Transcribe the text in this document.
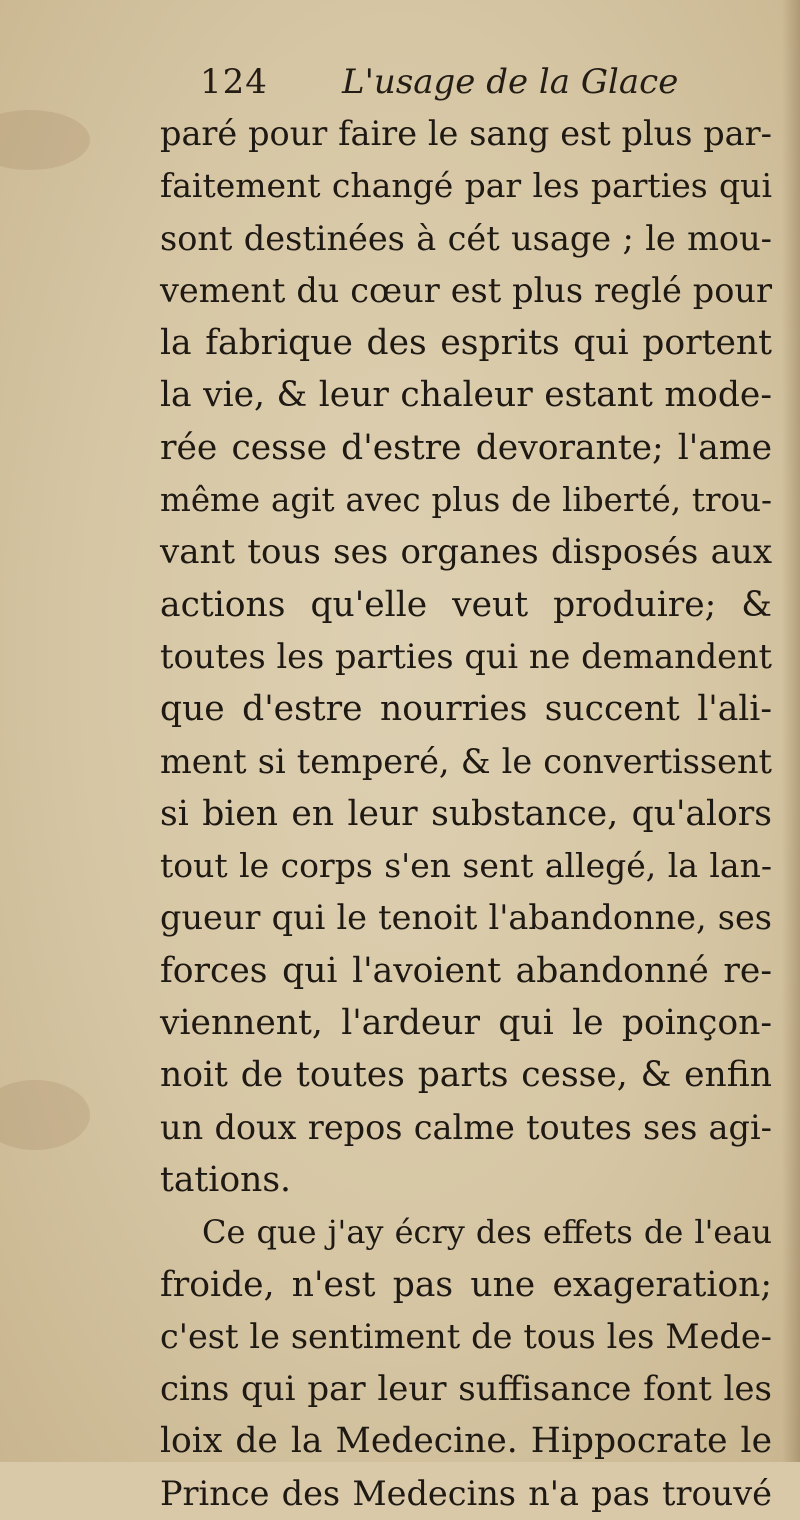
124 L'usage de la Glace
paré pour faire le sang est plus par-
faitement changé par les parties qui
sont destinées à cét usage ; le mou-
vement du cœur est plus reglé pour
la fabrique des esprits qui portent
la vie, & leur chaleur estant mode-
rée cesse d'estre devorante; l'ame
même agit avec plus de liberté, trou-
vant tous ses organes disposés aux
actions qu'elle veut produire; &
toutes les parties qui ne demandent
que d'estre nourries succent l'ali-
ment si temperé, & le convertissent
si bien en leur substance, qu'alors
tout le corps s'en sent allegé, la lan-
gueur qui le tenoit l'abandonne, ses
forces qui l'avoient abandonné re-
viennent, l'ardeur qui le poinçon-
noit de toutes parts cesse, & enfin
un doux repos calme toutes ses agi-
tations.
Ce que j'ay écry des effets de l'eau
froide, n'est pas une exageration;
c'est le sentiment de tous les Mede-
cins qui par leur suffisance font les
loix de la Medecine. Hippocrate le
Prince des Medecins n'a pas trouvé
